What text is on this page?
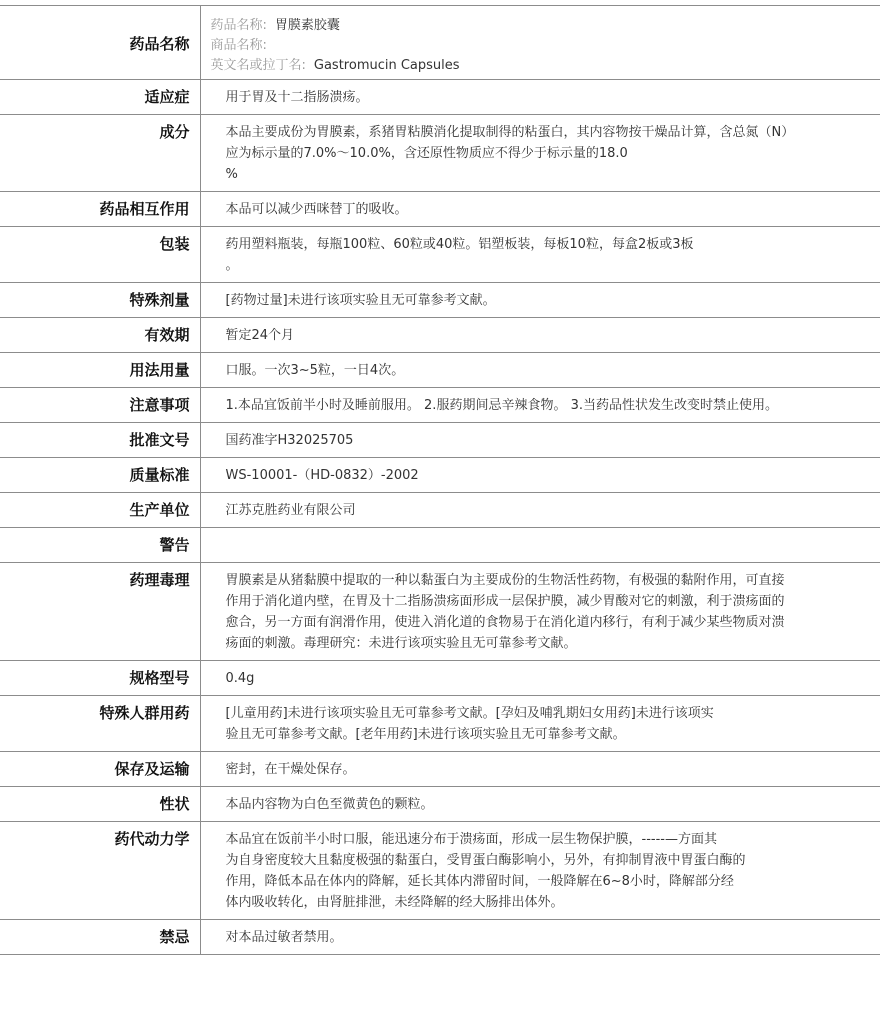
药品名称	药品名称: 胃膜素胶囊
商品名称:
英文名或拉丁名: Gastromucin Capsules

适应症	用于胃及十二指肠溃疡。
成分	本品主要成份为胃膜素，系猪胃粘膜消化提取制得的粘蛋白，其内容物按干燥品计算，含总氮（N）应为标示量的7.0%～10.0%，含还原性物质应不得少于标示量的18.0
%
药品相互作用	本品可以减少西咪替丁的吸收。
包装	药用塑料瓶装，每瓶100粒、60粒或40粒。铝塑板装，每板10粒，每盒2板或3板
。
特殊剂量	[药物过量]未进行该项实验且无可靠参考文献。
有效期	暂定24个月
用法用量	口服。一次3~5粒，一日4次。
注意事项	1.本品宜饭前半小时及睡前服用。 2.服药期间忌辛辣食物。 3.当药品性状发生改变时禁止使用。
批准文号	国药准字H32025705
质量标准	WS-10001-（HD-0832）-2002
生产单位	江苏克胜药业有限公司
警告	
药理毒理	胃膜素是从猪黏膜中提取的一种以黏蛋白为主要成份的生物活性药物，有极强的黏附作用，可直接作用于消化道内壁，在胃及十二指肠溃疡面形成一层保护膜，减少胃酸对它的刺激，利于溃疡面的愈合，另一方面有润滑作用，使进入消化道的食物易于在消化道内移行，有利于减少某些物质对溃疡面的刺激。毒理研究：未进行该项实验且无可靠参考文献。
规格型号	0.4g
特殊人群用药	[儿童用药]未进行该项实验且无可靠参考文献。[孕妇及哺乳期妇女用药]未进行该项实
验且无可靠参考文献。[老年用药]未进行该项实验且无可靠参考文献。
保存及运输	密封，在干燥处保存。
性状	本品内容物为白色至微黄色的颗粒。
药代动力学	本品宜在饭前半小时口服，能迅速分布于溃疡面，形成一层生物保护膜，-----—方面其
为自身密度较大且黏度极强的黏蛋白，受胃蛋白酶影响小，另外，有抑制胃液中胃蛋白酶的
作用，降低本品在体内的降解，延长其体内滞留时间，一般降解在6~8小时，降解部分经
体内吸收转化，由肾脏排泄，未经降解的经大肠排出体外。
禁忌	对本品过敏者禁用。
